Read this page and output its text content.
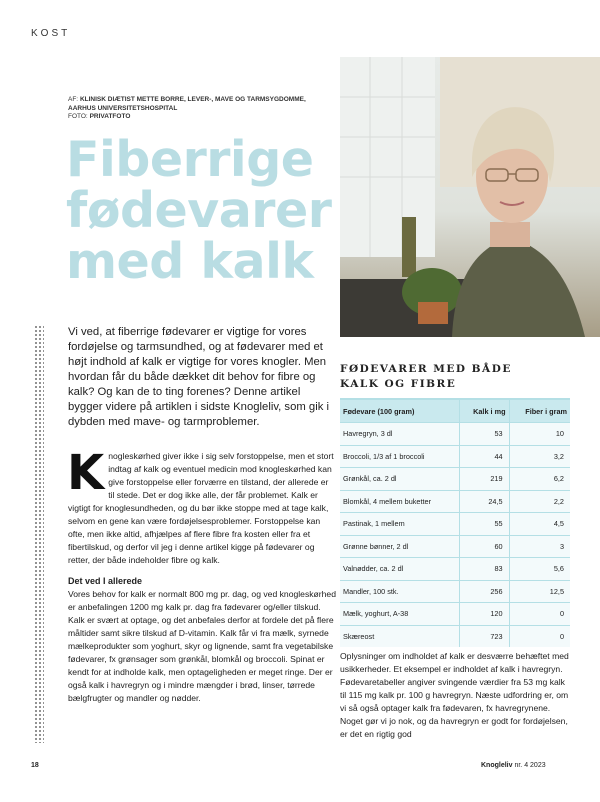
KOST
AF: KLINISK DIÆTIST METTE BORRE, LEVER-, MAVE OG TARMSYGDOMME, AARHUS UNIVERSITETSHOSPITAL
FOTO: PRIVATFOTO
Fiberrige
fødevarer
med kalk
Vi ved, at fiberrige fødevarer er vigtige for vores fordøjelse og tarmsundhed, og at fødevarer med et højt indhold af kalk er vigtige for vores knogler. Men hvordan får du både dækket dit behov for fibre og kalk? Og kan de to ting forenes? Denne artikel bygger videre på artiklen i sidste Knogleliv, som gik i dybden med mave- og tarmproblemer.
K nogleskørhed giver ikke i sig selv forstoppelse, men et stort indtag af kalk og eventuel medicin mod knogleskørhed kan give forstoppelse eller forværre en tilstand, der allerede er til stede. Det er dog ikke alle, der får problemet. Kalk er vigtigt for knoglesundheden, og du bør ikke stoppe med at tage kalk, selvom en gene kan være fordøjelsesproblemer. Forstoppelse kan ofte, men ikke altid, afhjælpes af flere fibre fra kosten eller fra et fibertilskud, og derfor vil jeg i denne artikel kigge på fødevarer og retter, der både indeholder fibre og kalk.
Det ved I allerede
Vores behov for kalk er normalt 800 mg pr. dag, og ved knogleskørhed er anbefalingen 1200 mg kalk pr. dag fra fødevarer og/eller tilskud. Kalk er svært at optage, og det anbefales derfor at fordele det på flere måltider samt sikre tilskud af D-vitamin. Kalk får vi fra mælk, syrnede mælkeprodukter som yoghurt, skyr og lignende, samt fra vegetabilske fødevarer, fx grønsager som grønkål, blomkål og broccoli. Spinat er kendt for at indholde kalk, men optageligheden er meget ringe. Der er også kalk i havregryn og i mindre mængder i brød, linser, tørrede bælgfrugter og mandler og nødder.
FØDEVARER MED BÅDE
KALK OG FIBRE
Fødevare (100 gram)	Kalk i mg	Fiber i gram
Havregryn, 3 dl	53	10
Broccoli, 1/3 af 1 broccoli	44	3,2
Grønkål, ca. 2 dl	219	6,2
Blomkål, 4 mellem buketter	24,5	2,2
Pastinak, 1 mellem	55	4,5
Grønne bønner, 2 dl	60	3
Valnødder, ca. 2 dl	83	5,6
Mandler, 100 stk.	256	12,5
Mælk, yoghurt, A-38	120	0
Skæreost	723	0
Oplysninger om indholdet af kalk er desværre behæftet med usikkerheder. Et eksempel er indholdet af kalk i havregryn. Fødevaretabeller angiver svingende værdier fra 53 mg kalk til 115 mg kalk pr. 100 g havregryn. Næste udfordring er, om vi så også optager kalk fra fødevaren, fx havregrynene. Noget gør vi jo nok, og da havregryn er godt for fordøjelsen, er det en rigtig god
18	Knogleliv nr. 4 2023
